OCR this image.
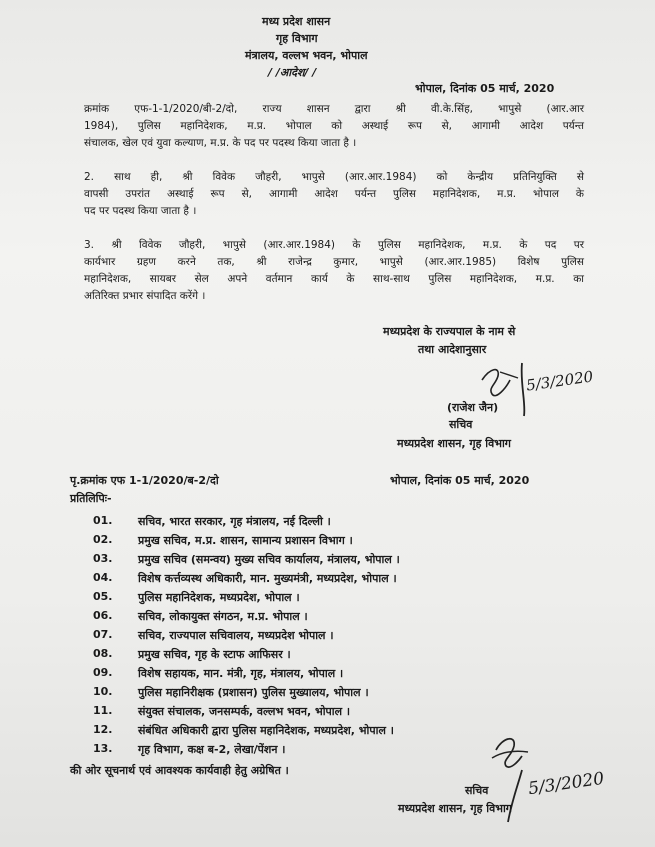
मध्य प्रदेश शासन
गृह विभाग
मंत्रालय, वल्लभ भवन, भोपाल
/ /आदेश/ /
भोपाल, दिनांक 05 मार्च, 2020
क्रमांक एफ-1-1/2020/बी-2/दो, राज्य शासन द्वारा श्री वी.के.सिंह, भापुसे (आर.आर
1984), पुलिस महानिदेशक, म.प्र. भोपाल को अस्थाई रूप से, आगामी आदेश पर्यन्त
संचालक, खेल एवं युवा कल्याण, म.प्र. के पद पर पदस्थ किया जाता है ।
2. साथ ही, श्री विवेक जौहरी, भापुसे (आर.आर.1984) को केन्द्रीय प्रतिनियुक्ति से
वापसी उपरांत अस्थाई रूप से, आगामी आदेश पर्यन्त पुलिस महानिदेशक, म.प्र. भोपाल के
पद पर पदस्थ किया जाता है ।
3. श्री विवेक जौहरी, भापुसे (आर.आर.1984) के पुलिस महानिदेशक, म.प्र. के पद पर
कार्यभार ग्रहण करने तक, श्री राजेन्द्र कुमार, भापुसे (आर.आर.1985) विशेष पुलिस
महानिदेशक, सायबर सेल अपने वर्तमान कार्य के साथ-साथ पुलिस महानिदेशक, म.प्र. का
अतिरिक्त प्रभार संपादित करेंगे ।
मध्यप्रदेश के राज्यपाल के नाम से
तथा आदेशानुसार
5/3/2020
(राजेश जैन)
सचिव
मध्यप्रदेश शासन, गृह विभाग
पृ.क्रमांक एफ 1-1/2020/ब-2/दो	भोपाल, दिनांक 05 मार्च, 2020
प्रतिलिपिः-
01.	सचिव, भारत सरकार, गृह मंत्रालय, नई दिल्ली ।
02.	प्रमुख सचिव, म.प्र. शासन, सामान्य प्रशासन विभाग ।
03.	प्रमुख सचिव (समन्वय) मुख्य सचिव कार्यालय, मंत्रालय, भोपाल ।
04.	विशेष कर्त्तव्यस्थ अधिकारी, मान. मुख्यमंत्री, मध्यप्रदेश, भोपाल ।
05.	पुलिस महानिदेशक, मध्यप्रदेश, भोपाल ।
06.	सचिव, लोकायुक्त संगठन, म.प्र. भोपाल ।
07.	सचिव, राज्यपाल सचिवालय, मध्यप्रदेश भोपाल ।
08.	प्रमुख सचिव, गृह के स्टाफ आफिसर ।
09.	विशेष सहायक, मान. मंत्री, गृह, मंत्रालय, भोपाल ।
10.	पुलिस महानिरीक्षक (प्रशासन) पुलिस मुख्यालय, भोपाल ।
11.	संयुक्त संचालक, जनसम्पर्क, वल्लभ भवन, भोपाल ।
12.	संबंधित अधिकारी द्वारा पुलिस महानिदेशक, मध्यप्रदेश, भोपाल ।
13.	गृह विभाग, कक्ष ब-2, लेखा/पेंशन ।
की ओर सूचनार्थ एवं आवश्यक कार्यवाही हेतु अग्रेषित ।	5/3/2020
सचिव
मध्यप्रदेश शासन, गृह विभाग
